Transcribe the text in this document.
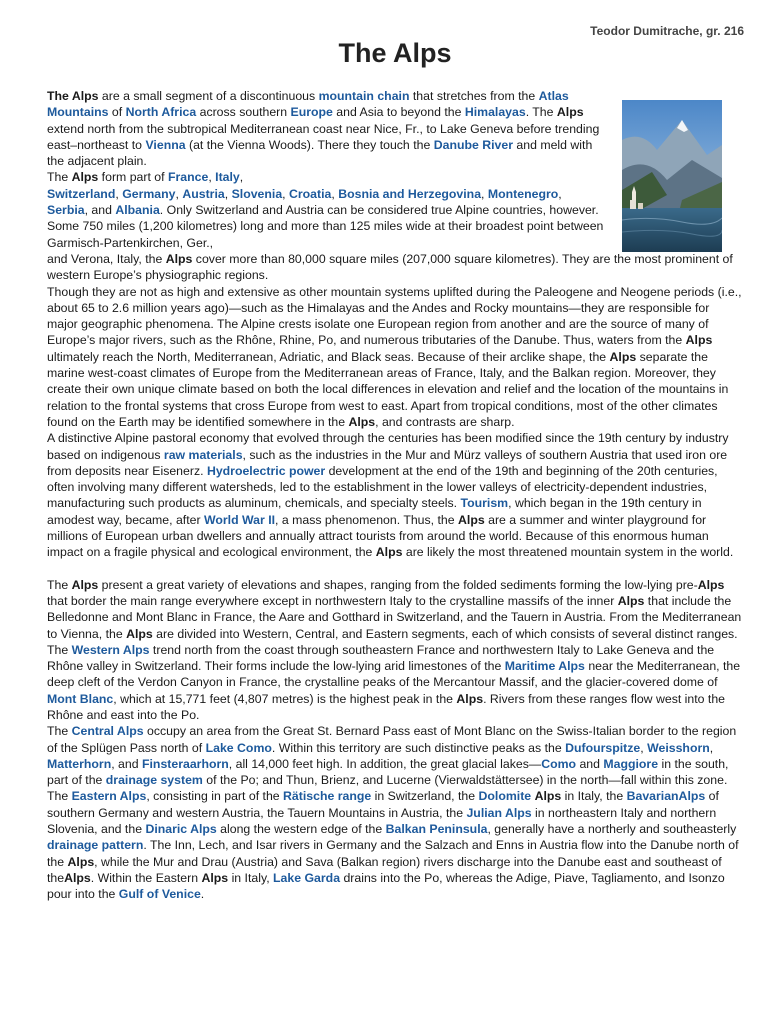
Teodor Dumitrache, gr. 216
The Alps

The Alps are a small segment of a discontinuous mountain chain that stretches from the Atlas Mountains of North Africa across southern Europe and Asia to beyond the Himalayas. The Alps extend north from the subtropical Mediterranean coast near Nice, Fr., to Lake Geneva before trending east–northeast to Vienna (at the Vienna Woods). There they touch the Danube River and meld with the adjacent plain.
The Alps form part of France, Italy,
Switzerland, Germany, Austria, Slovenia, Croatia, Bosnia and Herzegovina, Montenegro, Serbia, and Albania. Only Switzerland and Austria can be considered true Alpine countries, however. Some 750 miles (1,200 kilometres) long and more than 125 miles wide at their broadest point between Garmisch-Partenkirchen, Ger.,

and Verona, Italy, the Alps cover more than 80,000 square miles (207,000 square kilometres). They are the most prominent of western Europe’s physiographic regions.

Though they are not as high and extensive as other mountain systems uplifted during the Paleogene and Neogene periods (i.e., about 65 to 2.6 million years ago)—such as the Himalayas and the Andes and Rocky mountains—they are responsible for major geographic phenomena. The Alpine crests isolate one European region from another and are the source of many of Europe’s major rivers, such as the Rhône, Rhine, Po, and numerous tributaries of the Danube. Thus, waters from the Alps ultimately reach the North, Mediterranean, Adriatic, and Black seas. Because of their arclike shape, the Alps separate the marine west-coast climates of Europe from the Mediterranean areas of France, Italy, and the Balkan region. Moreover, they create their own unique climate based on both the local differences in elevation and relief and the location of the mountains in relation to the frontal systems that cross Europe from west to east. Apart from tropical conditions, most of the other climates found on the Earth may be identified somewhere in the Alps, and contrasts are sharp.

A distinctive Alpine pastoral economy that evolved through the centuries has been modified since the 19th century by industry based on indigenous raw materials, such as the industries in the Mur and Mürz valleys of southern Austria that used iron ore from deposits near Eisenerz. Hydroelectric power development at the end of the 19th and beginning of the 20th centuries, often involving many different watersheds, led to the establishment in the lower valleys of electricity-dependent industries, manufacturing such products as aluminum, chemicals, and specialty steels. Tourism, which began in the 19th century in amodest way, became, after World War II, a mass phenomenon. Thus, the Alps are a summer and winter playground for millions of European urban dwellers and annually attract tourists from around the world. Because of this enormous human impact on a fragile physical and ecological environment, the Alps are likely the most threatened mountain system in the world.

The Alps present a great variety of elevations and shapes, ranging from the folded sediments forming the low-lying pre-Alps that border the main range everywhere except in northwestern Italy to the crystalline massifs of the inner Alps that include the Belledonne and Mont Blanc in France, the Aare and Gotthard in Switzerland, and the Tauern in Austria. From the Mediterranean to Vienna, the Alps are divided into Western, Central, and Eastern segments, each of which consists of several distinct ranges.

The Western Alps trend north from the coast through southeastern France and northwestern Italy to Lake Geneva and the Rhône valley in Switzerland. Their forms include the low-lying arid limestones of the Maritime Alps near the Mediterranean, the deep cleft of the Verdon Canyon in France, the crystalline peaks of the Mercantour Massif, and the glacier-covered dome of Mont Blanc, which at 15,771 feet (4,807 metres) is the highest peak in the Alps. Rivers from these ranges flow west into the Rhône and east into the Po.

The Central Alps occupy an area from the Great St. Bernard Pass east of Mont Blanc on the Swiss-Italian border to the region of the Splügen Pass north of Lake Como. Within this territory are such distinctive peaks as the Dufourspitze, Weisshorn, Matterhorn, and Finsteraarhorn, all 14,000 feet high. In addition, the great glacial lakes—Como and Maggiore in the south, part of the drainage system of the Po; and Thun, Brienz, and Lucerne (Vierwaldstättersee) in the north—fall within this zone.

The Eastern Alps, consisting in part of the Rätische range in Switzerland, the Dolomite Alps in Italy, the BavarianAlps of southern Germany and western Austria, the Tauern Mountains in Austria, the Julian Alps in northeastern Italy and northern Slovenia, and the Dinaric Alps along the western edge of the Balkan Peninsula, generally have a northerly and southeasterly drainage pattern. The Inn, Lech, and Isar rivers in Germany and the Salzach and Enns in Austria flow into the Danube north of the Alps, while the Mur and Drau (Austria) and Sava (Balkan region) rivers discharge into the Danube east and southeast of theAlps. Within the Eastern Alps in Italy, Lake Garda drains into the Po, whereas the Adige, Piave, Tagliamento, and Isonzo pour into the Gulf of Venice.
